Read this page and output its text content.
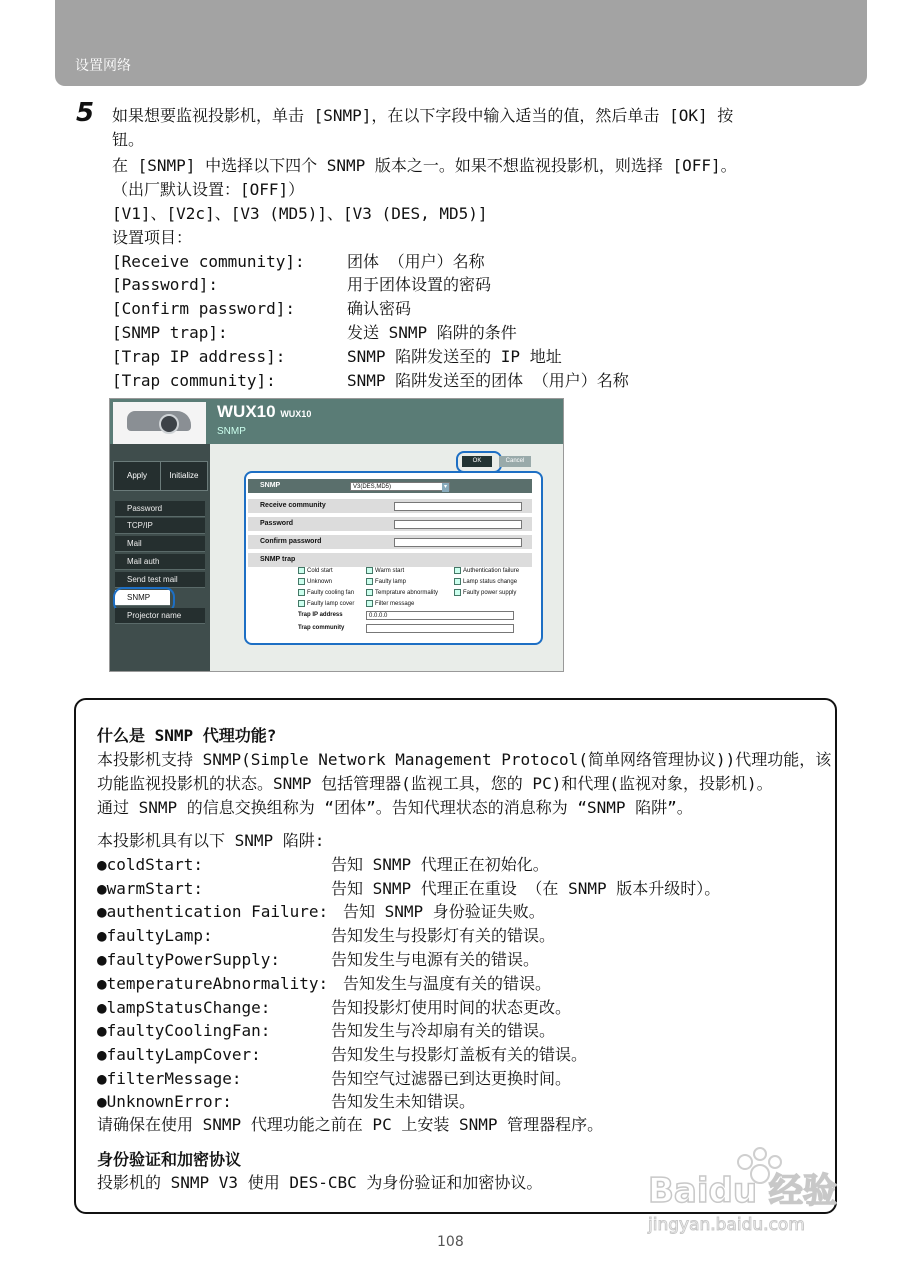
设置网络
5 如果想要监视投影机，单击 [SNMP]，在以下字段中输入适当的值，然后单击 [OK] 按
钮。
在 [SNMP] 中选择以下四个 SNMP 版本之一。如果不想监视投影机，则选择 [OFF]。
（出厂默认设置：[OFF]）
[V1]、[V2c]、[V3 (MD5)]、[V3 (DES, MD5)]
设置项目：
[Receive community]:	团体 （用户）名称
[Password]:	用于团体设置的密码
[Confirm password]:	确认密码
[SNMP trap]:	发送 SNMP 陷阱的条件
[Trap IP address]:	SNMP 陷阱发送至的 IP 地址
[Trap community]:	SNMP 陷阱发送至的团体 （用户）名称
WUX10 WUX10
SNMP
Apply	Initialize
Password
TCP/IP
Mail
Mail auth
Send test mail
SNMP
Projector name
OK	Cancel
SNMP	V3(DES,MD5)	▾
Receive community
Password
Confirm password
SNMP trap
Cold start	Warm start	Authentication failure
Unknown	Faulty lamp	Lamp status change
Faulty cooling fan	Temprature abnormality	Faulty power supply
Faulty lamp cover	Filter message
Trap IP address	0.0.0.0
Trap community
什么是 SNMP 代理功能?
本投影机支持 SNMP(Simple Network Management Protocol(简单网络管理协议))代理功能，该
功能监视投影机的状态。SNMP 包括管理器(监视工具，您的 PC)和代理(监视对象，投影机)。
通过 SNMP 的信息交换组称为 “团体”。告知代理状态的消息称为 “SNMP 陷阱”。
本投影机具有以下 SNMP 陷阱:
●coldStart:	告知 SNMP 代理正在初始化。
●warmStart:	告知 SNMP 代理正在重设 （在 SNMP 版本升级时）。
●authentication Failure: 告知 SNMP 身份验证失败。
●faultyLamp:	告知发生与投影灯有关的错误。
●faultyPowerSupply:	告知发生与电源有关的错误。
●temperatureAbnormality: 告知发生与温度有关的错误。
●lampStatusChange:	告知投影灯使用时间的状态更改。
●faultyCoolingFan:	告知发生与冷却扇有关的错误。
●faultyLampCover:	告知发生与投影灯盖板有关的错误。
●filterMessage:	告知空气过滤器已到达更换时间。
●UnknownError:	告知发生未知错误。
请确保在使用 SNMP 代理功能之前在 PC 上安装 SNMP 管理器程序。
身份验证和加密协议
投影机的 SNMP V3 使用 DES-CBC 为身份验证和加密协议。	Baidu 经验
jingyan.baidu.com
108
